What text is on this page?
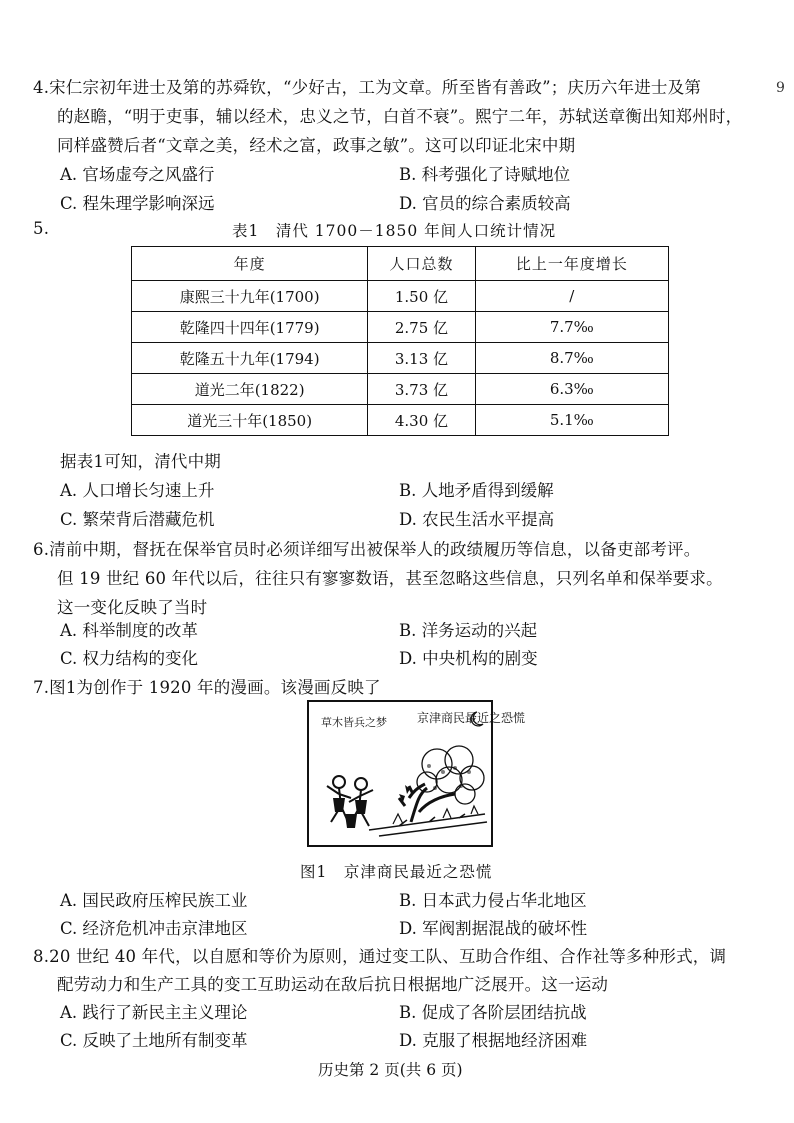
9
4.宋仁宗初年进士及第的苏舜钦，“少好古，工为文章。所至皆有善政”；庆历六年进士及第
的赵瞻，“明于吏事，辅以经术，忠义之节，白首不衰”。熙宁二年，苏轼送章衡出知郑州时，
同样盛赞后者“文章之美，经术之富，政事之敏”。这可以印证北宋中期
A. 官场虚夸之风盛行	B. 科考强化了诗赋地位
C. 程朱理学影响深远	D. 官员的综合素质较高
5.	表1　清代 1700－1850 年间人口统计情况
年度	人口总数	比上一年度增长
康熙三十九年(1700)	1.50 亿	/
乾隆四十四年(1779)	2.75 亿	7.7‰
乾隆五十九年(1794)	3.13 亿	8.7‰
道光二年(1822)	3.73 亿	6.3‰
道光三十年(1850)	4.30 亿	5.1‰
据表1可知，清代中期
A. 人口增长匀速上升	B. 人地矛盾得到缓解
C. 繁荣背后潜藏危机	D. 农民生活水平提高
6.清前中期，督抚在保举官员时必须详细写出被保举人的政绩履历等信息，以备吏部考评。
但 19 世纪 60 年代以后，往往只有寥寥数语，甚至忽略这些信息，只列名单和保举要求。
这一变化反映了当时
A. 科举制度的改革	B. 洋务运动的兴起
C. 权力结构的变化	D. 中央机构的剧变
7.图1为创作于 1920 年的漫画。该漫画反映了
京津商民最近之恐慌
草木皆兵之梦
图1　京津商民最近之恐慌
A. 国民政府压榨民族工业	B. 日本武力侵占华北地区
C. 经济危机冲击京津地区	D. 军阀割据混战的破坏性
8.20 世纪 40 年代，以自愿和等价为原则，通过变工队、互助合作组、合作社等多种形式，调
配劳动力和生产工具的变工互助运动在敌后抗日根据地广泛展开。这一运动
A. 践行了新民主主义理论	B. 促成了各阶层团结抗战
C. 反映了土地所有制变革	D. 克服了根据地经济困难
历史第 2 页(共 6 页)
